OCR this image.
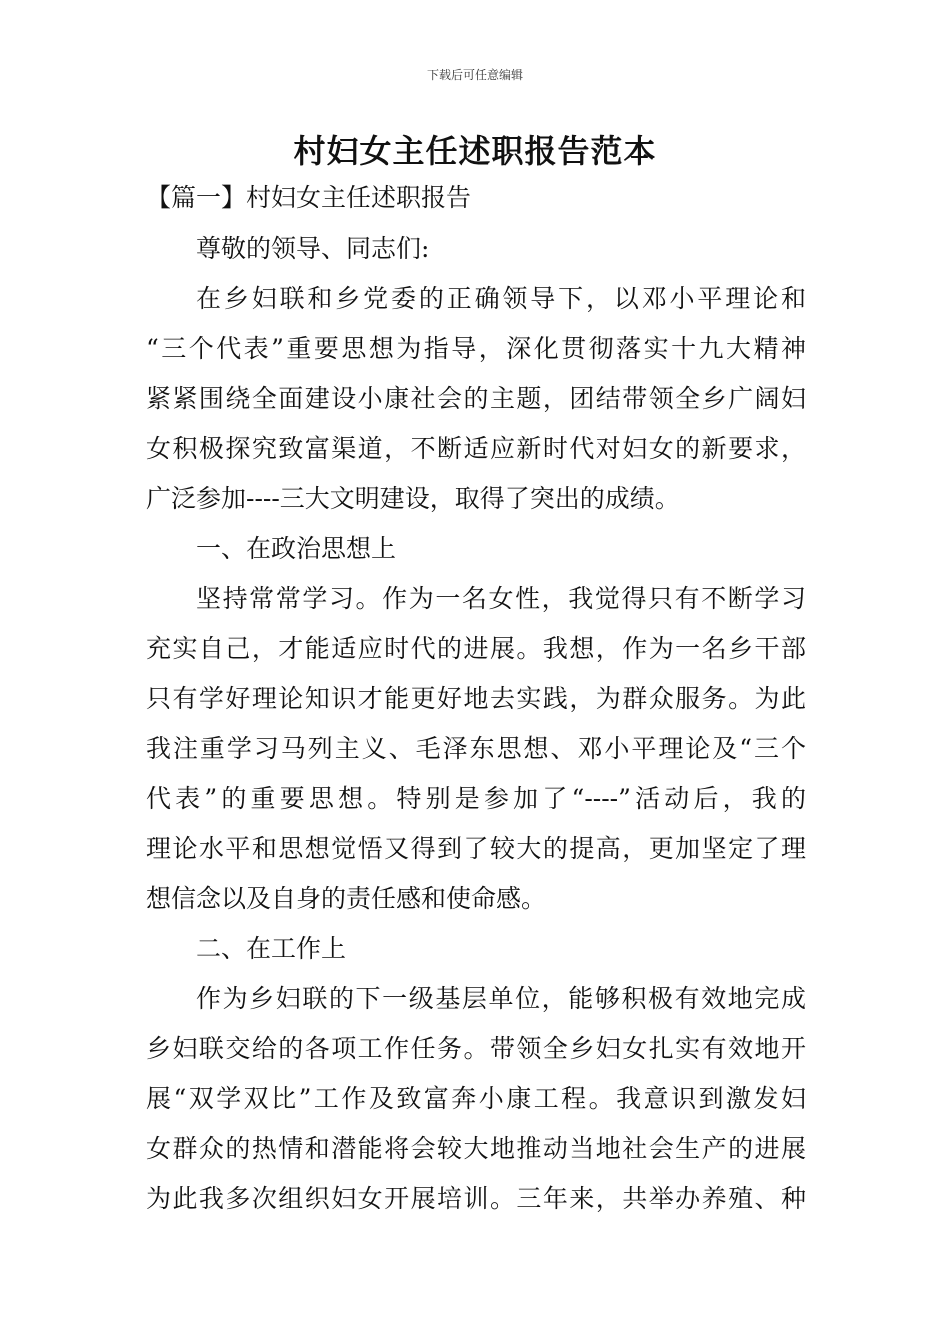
下载后可任意编辑
村妇女主任述职报告范本
【篇一】村妇女主任述职报告
尊敬的领导、同志们:
在乡妇联和乡党委的正确领导下，以邓小平理论和
“三个代表”重要思想为指导，深化贯彻落实十九大精神
紧紧围绕全面建设小康社会的主题，团结带领全乡广阔妇
女积极探究致富渠道，不断适应新时代对妇女的新要求，
广泛参加----三大文明建设，取得了突出的成绩。
一、在政治思想上
坚持常常学习。作为一名女性，我觉得只有不断学习
充实自己，才能适应时代的进展。我想，作为一名乡干部
只有学好理论知识才能更好地去实践，为群众服务。为此
我注重学习马列主义、毛泽东思想、邓小平理论及“三个
代表”的重要思想。特别是参加了“----”活动后，我的
理论水平和思想觉悟又得到了较大的提高，更加坚定了理
想信念以及自身的责任感和使命感。
二、在工作上
作为乡妇联的下一级基层单位，能够积极有效地完成
乡妇联交给的各项工作任务。带领全乡妇女扎实有效地开
展“双学双比”工作及致富奔小康工程。我意识到激发妇
女群众的热情和潜能将会较大地推动当地社会生产的进展
为此我多次组织妇女开展培训。三年来，共举办养殖、种
